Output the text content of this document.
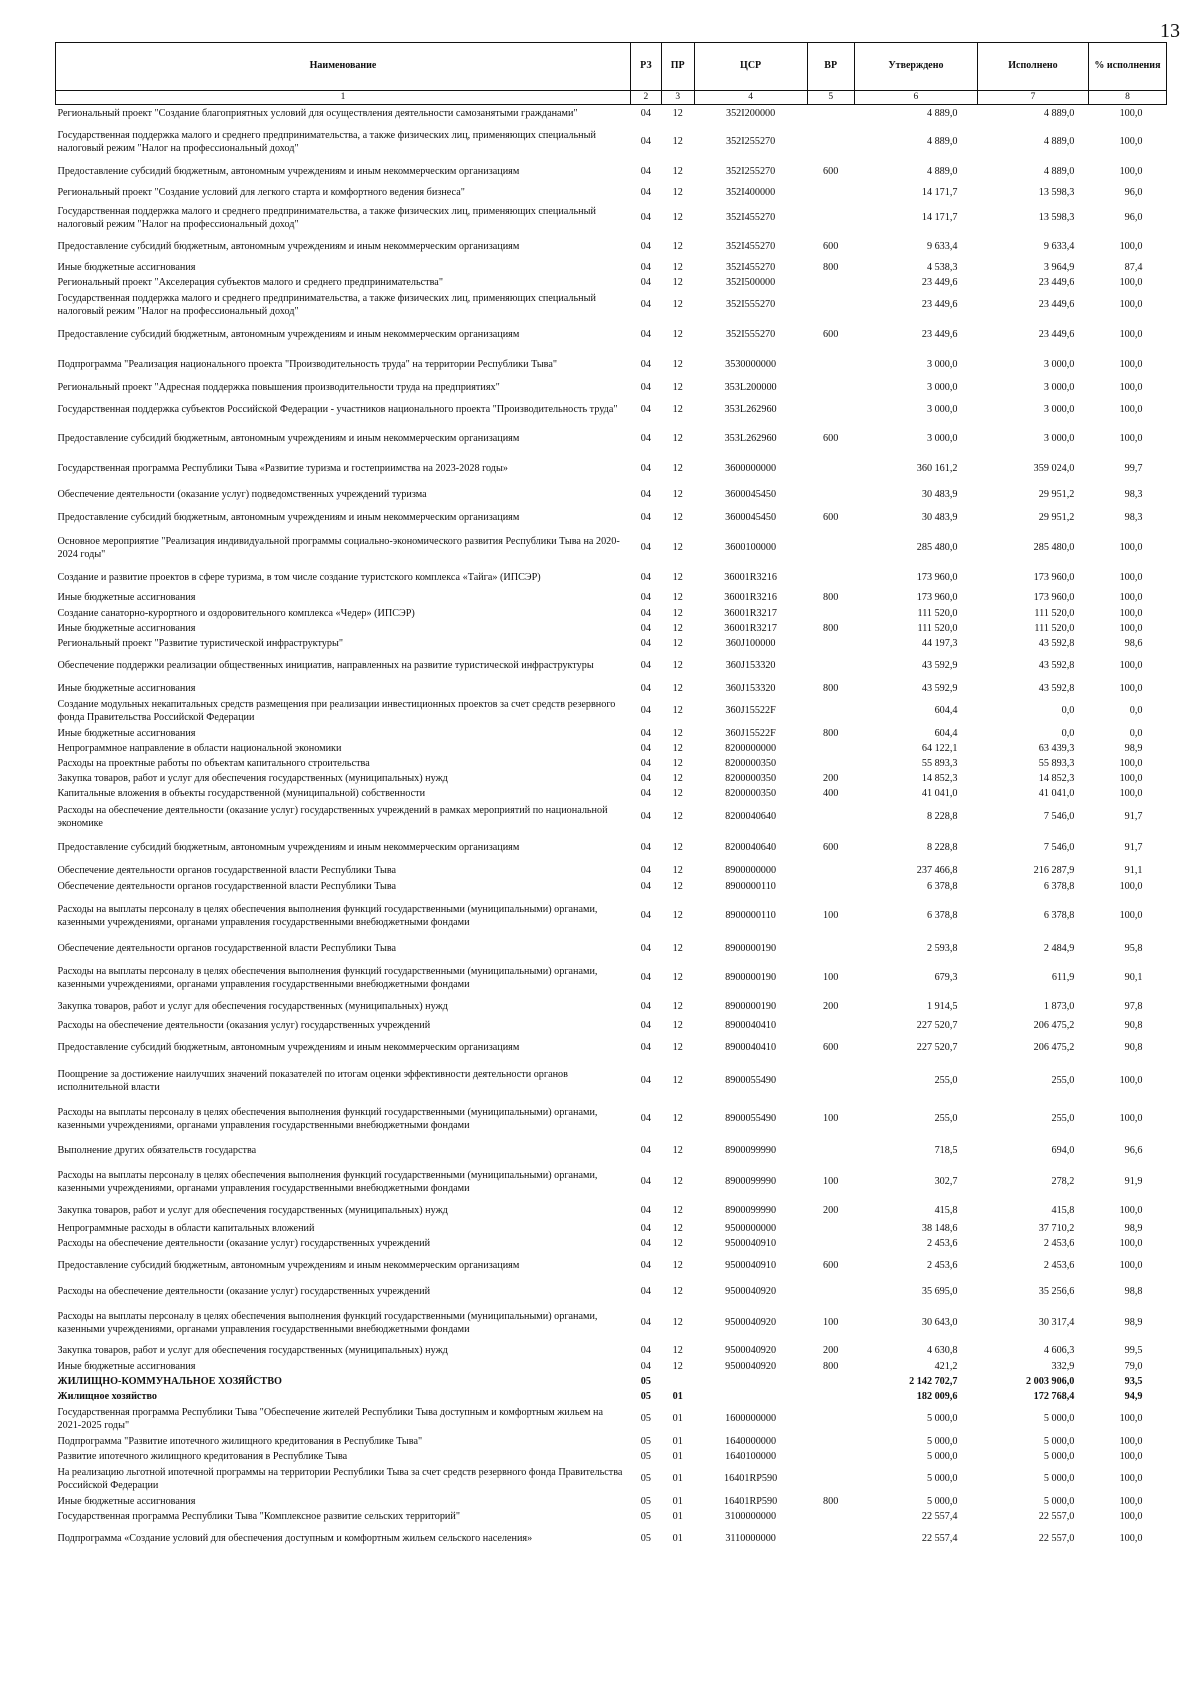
13
Наименование	РЗ	ПР	ЦСР	ВР	Утверждено	Исполнено	% исполнения
1	2	3	4	5	6	7	8
Региональный проект "Создание благоприятных условий для осуществления деятельности самозанятыми гражданами"	04	12	352I200000		4 889,0	4 889,0	100,0
Государственная поддержка малого и среднего предпринимательства, а также физических лиц, применяющих специальный налоговый режим "Налог на профессиональный доход"	04	12	352I255270		4 889,0	4 889,0	100,0
Предоставление субсидий бюджетным, автономным учреждениям и иным некоммерческим организациям	04	12	352I255270	600	4 889,0	4 889,0	100,0
Региональный проект "Создание условий для легкого старта и комфортного ведения бизнеса"	04	12	352I400000		14 171,7	13 598,3	96,0
Государственная поддержка малого и среднего предпринимательства, а также физических лиц, применяющих специальный налоговый режим "Налог на профессиональный доход"	04	12	352I455270		14 171,7	13 598,3	96,0
Предоставление субсидий бюджетным, автономным учреждениям и иным некоммерческим организациям	04	12	352I455270	600	9 633,4	9 633,4	100,0
Иные бюджетные ассигнования	04	12	352I455270	800	4 538,3	3 964,9	87,4
Региональный проект "Акселерация субъектов малого и среднего предпринимательства"	04	12	352I500000		23 449,6	23 449,6	100,0
Государственная поддержка малого и среднего предпринимательства, а также физических лиц, применяющих специальный налоговый режим "Налог на профессиональный доход"	04	12	352I555270		23 449,6	23 449,6	100,0
Предоставление субсидий бюджетным, автономным учреждениям и иным некоммерческим организациям	04	12	352I555270	600	23 449,6	23 449,6	100,0
Подпрограмма "Реализация национального проекта "Производительность труда" на территории Республики Тыва"	04	12	3530000000		3 000,0	3 000,0	100,0
Региональный проект "Адресная поддержка повышения производительности труда на предприятиях"	04	12	353L200000		3 000,0	3 000,0	100,0
Государственная поддержка субъектов Российской Федерации - участников национального проекта "Производительность труда"	04	12	353L262960		3 000,0	3 000,0	100,0
Предоставление субсидий бюджетным, автономным учреждениям и иным некоммерческим организациям	04	12	353L262960	600	3 000,0	3 000,0	100,0
Государственная программа Республики Тыва «Развитие туризма и гостеприимства на 2023-2028 годы»	04	12	3600000000		360 161,2	359 024,0	99,7
Обеспечение деятельности (оказание услуг) подведомственных учреждений туризма	04	12	3600045450		30 483,9	29 951,2	98,3
Предоставление субсидий бюджетным, автономным учреждениям и иным некоммерческим организациям	04	12	3600045450	600	30 483,9	29 951,2	98,3
Основное мероприятие "Реализация индивидуальной программы социально-экономического развития Республики Тыва на 2020-2024 годы"	04	12	3600100000		285 480,0	285 480,0	100,0
Создание и развитие проектов в сфере туризма, в том числе создание туристского комплекса «Тайга» (ИПСЭР)	04	12	36001R3216		173 960,0	173 960,0	100,0
Иные бюджетные ассигнования	04	12	36001R3216	800	173 960,0	173 960,0	100,0
Создание санаторно-курортного и оздоровительного комплекса «Чедер» (ИПСЭР)	04	12	36001R3217		111 520,0	111 520,0	100,0
Иные бюджетные ассигнования	04	12	36001R3217	800	111 520,0	111 520,0	100,0
Региональный проект "Развитие туристической инфраструктуры"	04	12	360J100000		44 197,3	43 592,8	98,6
Обеспечение поддержки реализации общественных инициатив, направленных на развитие туристической инфраструктуры	04	12	360J153320		43 592,9	43 592,8	100,0
Иные бюджетные ассигнования	04	12	360J153320	800	43 592,9	43 592,8	100,0
Создание модульных некапитальных средств размещения при реализации инвестиционных проектов за счет средств резервного фонда Правительства Российской Федерации	04	12	360J15522F		604,4	0,0	0,0
Иные бюджетные ассигнования	04	12	360J15522F	800	604,4	0,0	0,0
Непрограммное направление в области национальной экономики	04	12	8200000000		64 122,1	63 439,3	98,9
Расходы на проектные работы по объектам капитального строительства	04	12	8200000350		55 893,3	55 893,3	100,0
Закупка товаров, работ и услуг для обеспечения государственных (муниципальных) нужд	04	12	8200000350	200	14 852,3	14 852,3	100,0
Капитальные вложения в объекты государственной (муниципальной) собственности	04	12	8200000350	400	41 041,0	41 041,0	100,0
Расходы на обеспечение деятельности (оказание услуг) государственных учреждений в рамках мероприятий по национальной экономике	04	12	8200040640		8 228,8	7 546,0	91,7
Предоставление субсидий бюджетным, автономным учреждениям и иным некоммерческим организациям	04	12	8200040640	600	8 228,8	7 546,0	91,7
Обеспечение деятельности органов государственной власти Республики Тыва	04	12	8900000000		237 466,8	216 287,9	91,1
Обеспечение деятельности органов государственной власти Республики Тыва	04	12	8900000110		6 378,8	6 378,8	100,0
Расходы на выплаты персоналу в целях обеспечения выполнения функций государственными (муниципальными) органами, казенными учреждениями, органами управления государственными внебюджетными фондами	04	12	8900000110	100	6 378,8	6 378,8	100,0
Обеспечение деятельности органов государственной власти Республики Тыва	04	12	8900000190		2 593,8	2 484,9	95,8
Расходы на выплаты персоналу в целях обеспечения выполнения функций государственными (муниципальными) органами, казенными учреждениями, органами управления государственными внебюджетными фондами	04	12	8900000190	100	679,3	611,9	90,1
Закупка товаров, работ и услуг для обеспечения государственных (муниципальных) нужд	04	12	8900000190	200	1 914,5	1 873,0	97,8
Расходы на обеспечение деятельности (оказания услуг) государственных учреждений	04	12	8900040410		227 520,7	206 475,2	90,8
Предоставление субсидий бюджетным, автономным учреждениям и иным некоммерческим организациям	04	12	8900040410	600	227 520,7	206 475,2	90,8
Поощрение за достижение наилучших значений показателей по итогам оценки эффективности деятельности органов исполнительной власти	04	12	8900055490		255,0	255,0	100,0
Расходы на выплаты персоналу в целях обеспечения выполнения функций государственными (муниципальными) органами, казенными учреждениями, органами управления государственными внебюджетными фондами	04	12	8900055490	100	255,0	255,0	100,0
Выполнение других обязательств государства	04	12	8900099990		718,5	694,0	96,6
Расходы на выплаты персоналу в целях обеспечения выполнения функций государственными (муниципальными) органами, казенными учреждениями, органами управления государственными внебюджетными фондами	04	12	8900099990	100	302,7	278,2	91,9
Закупка товаров, работ и услуг для обеспечения государственных (муниципальных) нужд	04	12	8900099990	200	415,8	415,8	100,0
Непрограммные расходы в области капитальных вложений	04	12	9500000000		38 148,6	37 710,2	98,9
Расходы на обеспечение деятельности (оказание услуг) государственных учреждений	04	12	9500040910		2 453,6	2 453,6	100,0
Предоставление субсидий бюджетным, автономным учреждениям и иным некоммерческим организациям	04	12	9500040910	600	2 453,6	2 453,6	100,0
Расходы на обеспечение деятельности (оказание услуг) государственных учреждений	04	12	9500040920		35 695,0	35 256,6	98,8
Расходы на выплаты персоналу в целях обеспечения выполнения функций государственными (муниципальными) органами, казенными учреждениями, органами управления государственными внебюджетными фондами	04	12	9500040920	100	30 643,0	30 317,4	98,9
Закупка товаров, работ и услуг для обеспечения государственных (муниципальных) нужд	04	12	9500040920	200	4 630,8	4 606,3	99,5
Иные бюджетные ассигнования	04	12	9500040920	800	421,2	332,9	79,0
ЖИЛИЩНО-КОММУНАЛЬНОЕ ХОЗЯЙСТВО	05				2 142 702,7	2 003 906,0	93,5
Жилищное хозяйство	05	01			182 009,6	172 768,4	94,9
Государственная программа Республики Тыва "Обеспечение жителей Республики Тыва доступным и комфортным жильем на 2021-2025 годы"	05	01	1600000000		5 000,0	5 000,0	100,0
Подпрограмма "Развитие ипотечного жилищного кредитования в Республике Тыва"	05	01	1640000000		5 000,0	5 000,0	100,0
Развитие ипотечного жилищного кредитования в Республике Тыва	05	01	1640100000		5 000,0	5 000,0	100,0
На реализацию льготной ипотечной программы на территории Республики Тыва за счет средств резервного фонда Правительства Российской Федерации	05	01	16401RP590		5 000,0	5 000,0	100,0
Иные бюджетные ассигнования	05	01	16401RP590	800	5 000,0	5 000,0	100,0
Государственная программа Республики Тыва "Комплексное развитие сельских территорий"	05	01	3100000000		22 557,4	22 557,0	100,0
Подпрограмма «Создание условий для обеспечения доступным и комфортным жильем сельского населения»	05	01	3110000000		22 557,4	22 557,0	100,0
